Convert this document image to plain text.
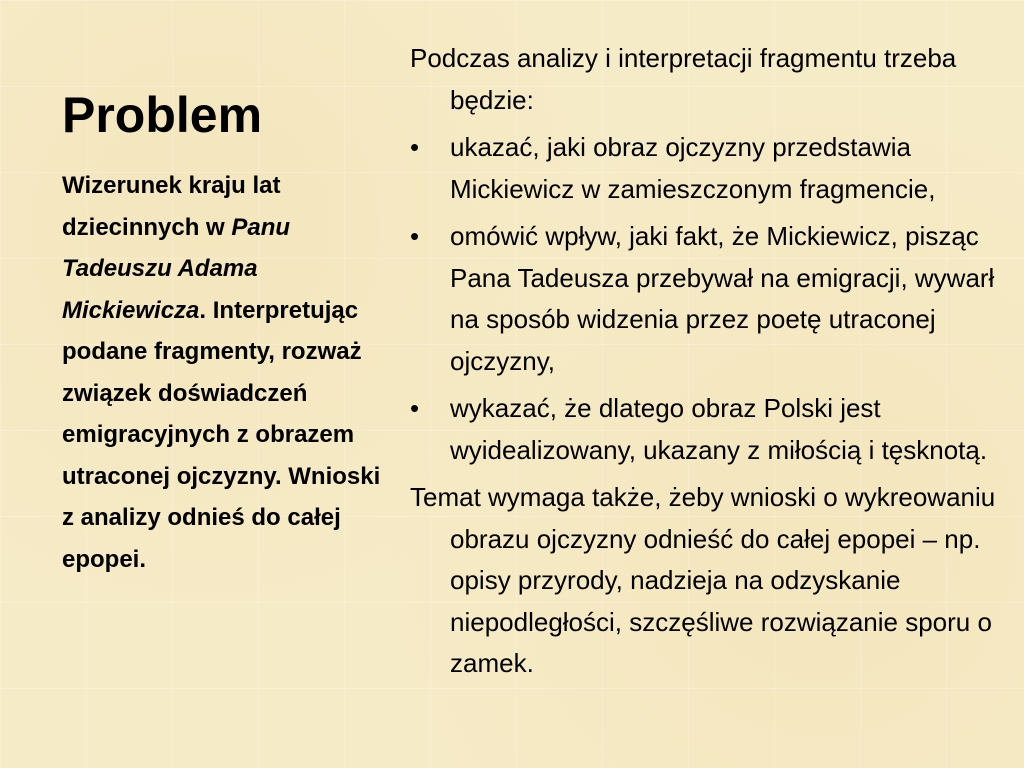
Problem

Wizerunek kraju lat dziecinnych w Panu Tadeuszu Adama Mickiewicza. Interpretując podane fragmenty, rozważ związek doświadczeń emigracyjnych z obrazem utraconej ojczyzny. Wnioski z analizy odnieś do całej epopei.

Podczas analizy i interpretacji fragmentu trzeba będzie:

•	ukazać, jaki obraz ojczyzny przedstawia Mickiewicz w zamieszczonym fragmencie,
•	omówić wpływ, jaki fakt, że Mickiewicz, pisząc Pana Tadeusza przebywał na emigracji, wywarł na sposób widzenia przez poetę utraconej ojczyzny,
•	wykazać, że dlatego obraz Polski jest wyidealizowany, ukazany z miłością i tęsknotą.

Temat wymaga także, żeby wnioski o wykreowaniu obrazu ojczyzny odnieść do całej epopei – np. opisy przyrody, nadzieja na odzyskanie niepodległości, szczęśliwe rozwiązanie sporu o zamek.
